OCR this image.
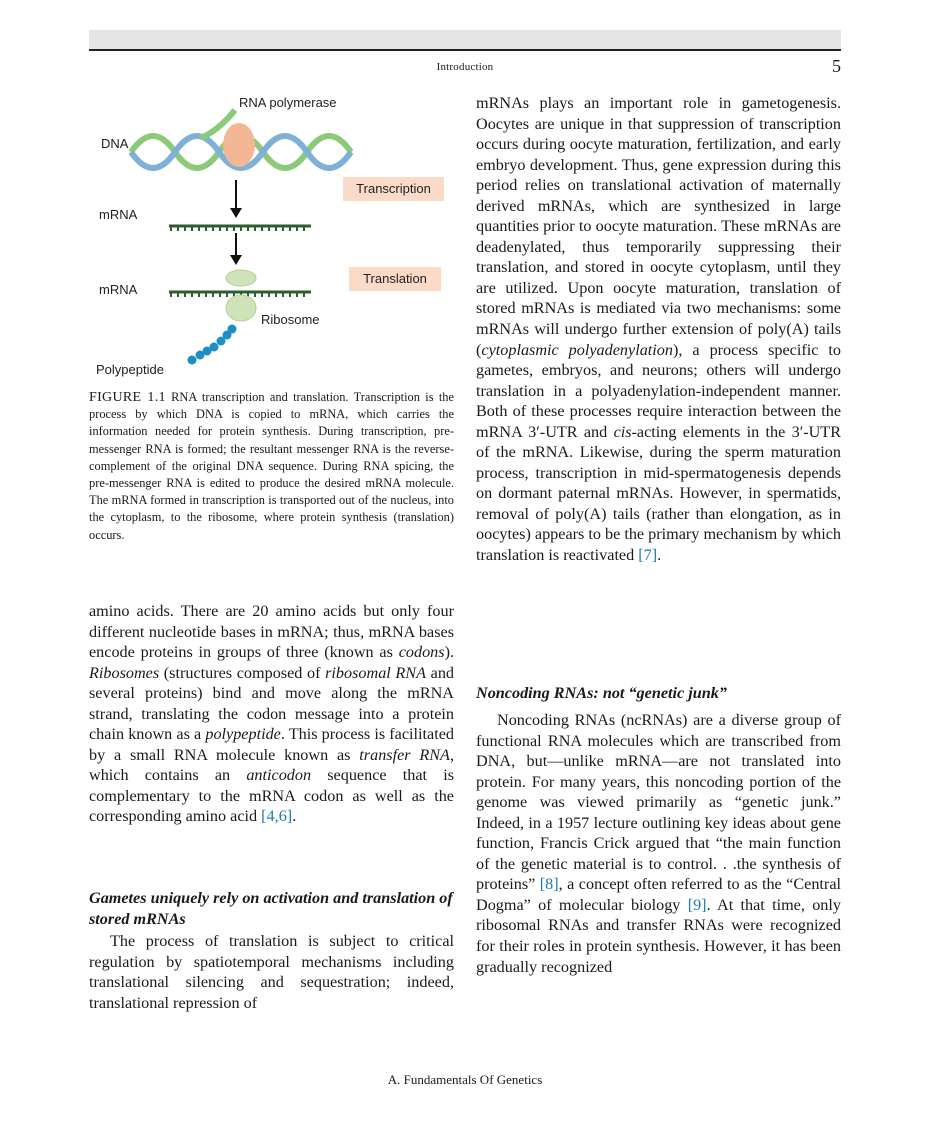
Introduction	5
RNA polymerase
DNA
mRNA
mRNA
Ribosome
Polypeptide
Transcription
Translation
FIGURE 1.1 RNA transcription and translation. Transcription is the process by which DNA is copied to mRNA, which carries the information needed for protein synthesis. During transcription, pre-messenger RNA is formed; the resultant messenger RNA is the reverse-complement of the original DNA sequence. During RNA spicing, the pre-messenger RNA is edited to produce the desired mRNA molecule. The mRNA formed in transcription is transported out of the nucleus, into the cytoplasm, to the ribosome, where protein synthesis (translation) occurs.

amino acids. There are 20 amino acids but only four different nucleotide bases in mRNA; thus, mRNA bases encode proteins in groups of three (known as codons). Ribosomes (structures composed of ribosomal RNA and several proteins) bind and move along the mRNA strand, translating the codon message into a protein chain known as a polypeptide. This process is facilitated by a small RNA molecule known as transfer RNA, which contains an anticodon sequence that is complementary to the mRNA codon as well as the corresponding amino acid [4,6].

Gametes uniquely rely on activation and translation of stored mRNAs

The process of translation is subject to critical regulation by spatiotemporal mechanisms including translational silencing and sequestration; indeed, translational repression of

mRNAs plays an important role in gametogenesis. Oocytes are unique in that suppression of transcription occurs during oocyte maturation, fertilization, and early embryo development. Thus, gene expression during this period relies on translational activation of maternally derived mRNAs, which are synthesized in large quantities prior to oocyte maturation. These mRNAs are deadenylated, thus temporarily suppressing their translation, and stored in oocyte cytoplasm, until they are utilized. Upon oocyte maturation, translation of stored mRNAs is mediated via two mechanisms: some mRNAs will undergo further extension of poly(A) tails (cytoplasmic polyadenylation), a process specific to gametes, embryos, and neurons; others will undergo translation in a polyadenylation-independent manner. Both of these processes require interaction between the mRNA 3′-UTR and cis-acting elements in the 3′-UTR of the mRNA. Likewise, during the sperm maturation process, transcription in mid-spermatogenesis depends on dormant paternal mRNAs. However, in spermatids, removal of poly(A) tails (rather than elongation, as in oocytes) appears to be the primary mechanism by which translation is reactivated [7].

Noncoding RNAs: not “genetic junk”

Noncoding RNAs (ncRNAs) are a diverse group of functional RNA molecules which are transcribed from DNA, but—unlike mRNA—are not translated into protein. For many years, this noncoding portion of the genome was viewed primarily as “genetic junk.” Indeed, in a 1957 lecture outlining key ideas about gene function, Francis Crick argued that “the main function of the genetic material is to control. . .the synthesis of proteins” [8], a concept often referred to as the “Central Dogma” of molecular biology [9]. At that time, only ribosomal RNAs and transfer RNAs were recognized for their roles in protein synthesis. However, it has been gradually recognized

A. Fundamentals Of Genetics
